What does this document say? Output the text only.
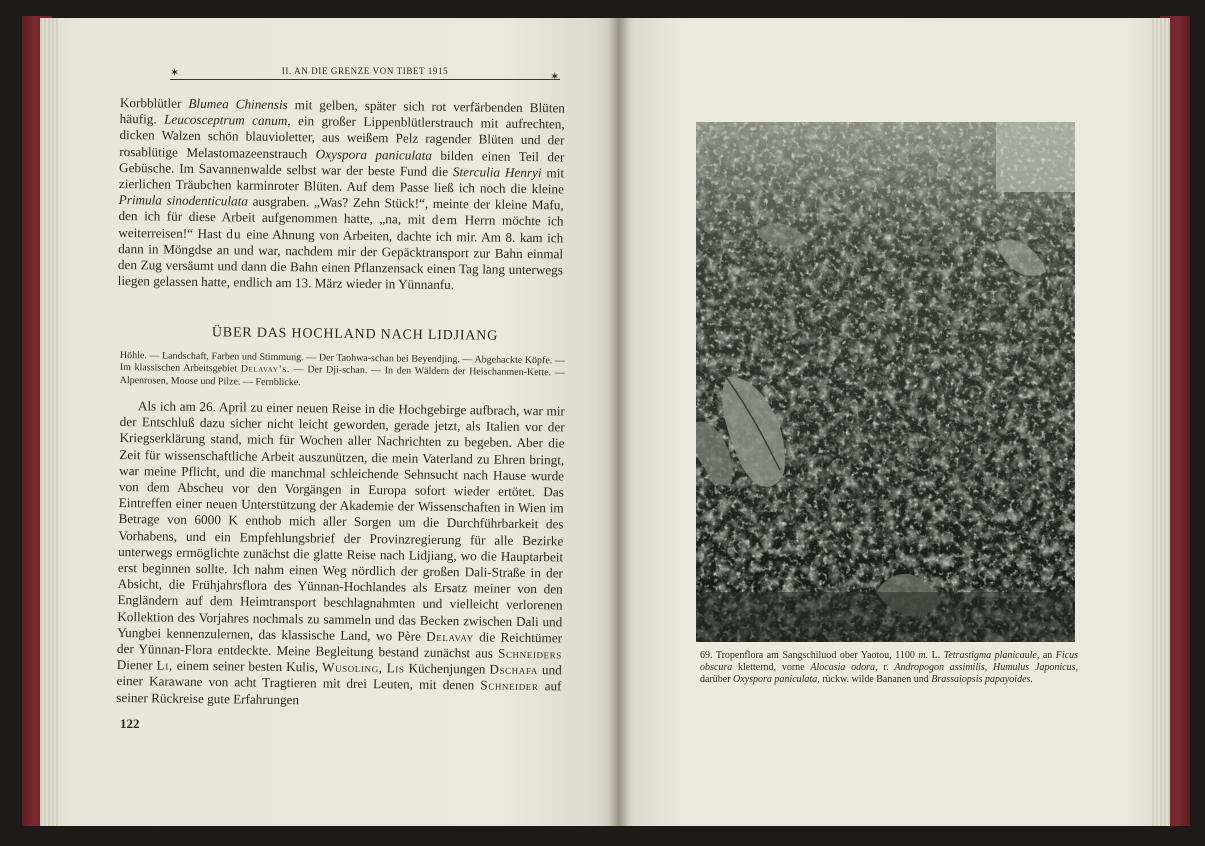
✶	II. AN DIE GRENZE VON TIBET 1915	✶

Korbblütler Blumea Chinensis mit gelben, später sich rot verfärbenden Blüten häufig. Leucosceptrum canum, ein großer Lippenblütlerstrauch mit aufrechten, dicken Walzen schön blauvioletter, aus weißem Pelz ragender Blüten und der rosablütige Melastomazeenstrauch Oxyspora paniculata bilden einen Teil der Gebüsche. Im Savannenwalde selbst war der beste Fund die Sterculia Henryi mit zierlichen Träubchen karminroter Blüten. Auf dem Passe ließ ich noch die kleine Primula sinodenticulata ausgraben. „Was? Zehn Stück!“, meinte der kleine Mafu, den ich für diese Arbeit aufgenommen hatte, „na, mit dem Herrn möchte ich weiterreisen!“ Hast du eine Ahnung von Arbeiten, dachte ich mir. Am 8. kam ich dann in Möngdse an und war, nachdem mir der Gepäcktransport zur Bahn einmal den Zug versäumt und dann die Bahn einen Pflanzensack einen Tag lang unterwegs liegen gelassen hatte, endlich am 13. März wieder in Yünnanfu.

ÜBER DAS HOCHLAND NACH LIDJIANG
Höhle. — Landschaft, Farben und Stimmung. — Der Taohwa-schan bei Beyendjing. — Abgehackte Köpfe. — Im klassischen Arbeitsgebiet Delavay’s. — Der Dji-schan. — In den Wäldern der Heischanmen-Kette. — Alpenrosen, Moose und Pilze. — Fernblicke.

Als ich am 26. April zu einer neuen Reise in die Hochgebirge aufbrach, war mir der Entschluß dazu sicher nicht leicht geworden, gerade jetzt, als Italien vor der Kriegserklärung stand, mich für Wochen aller Nachrichten zu begeben. Aber die Zeit für wissenschaftliche Arbeit auszunützen, die mein Vaterland zu Ehren bringt, war meine Pflicht, und die manchmal schleichende Sehnsucht nach Hause wurde von dem Abscheu vor den Vorgängen in Europa sofort wieder ertötet. Das Eintreffen einer neuen Unterstützung der Akademie der Wissenschaften in Wien im Betrage von 6000 K enthob mich aller Sorgen um die Durchführbarkeit des Vorhabens, und ein Empfehlungsbrief der Provinzregierung für alle Bezirke unterwegs ermöglichte zunächst die glatte Reise nach Lidjiang, wo die Hauptarbeit erst beginnen sollte. Ich nahm einen Weg nördlich der großen Dali-Straße in der Absicht, die Frühjahrsflora des Yünnan-Hochlandes als Ersatz meiner von den Engländern auf dem Heimtransport beschlagnahmten und vielleicht verlorenen Kollektion des Vorjahres nochmals zu sammeln und das Becken zwischen Dali und Yungbei kennenzulernen, das klassische Land, wo Père Delavay die Reichtümer der Yünnan-Flora entdeckte. Meine Begleitung bestand zunächst aus Schneiders Diener Li, einem seiner besten Kulis, Wusoling, Lis Küchenjungen Dschafa und einer Karawane von acht Tragtieren mit drei Leuten, mit denen Schneider auf seiner Rückreise gute Erfahrungen

122
69. Tropenflora am Sangschiluod ober Yaotou, 1100 m. L. Tetrastigma planicaule, an Ficus obscura kletternd, vorne Alocasia odora, r. Andropogon assimilis, Humulus Japonicus, darüber Oxyspora paniculata, rückw. wilde Bananen und Brassaiopsis papayoides.
